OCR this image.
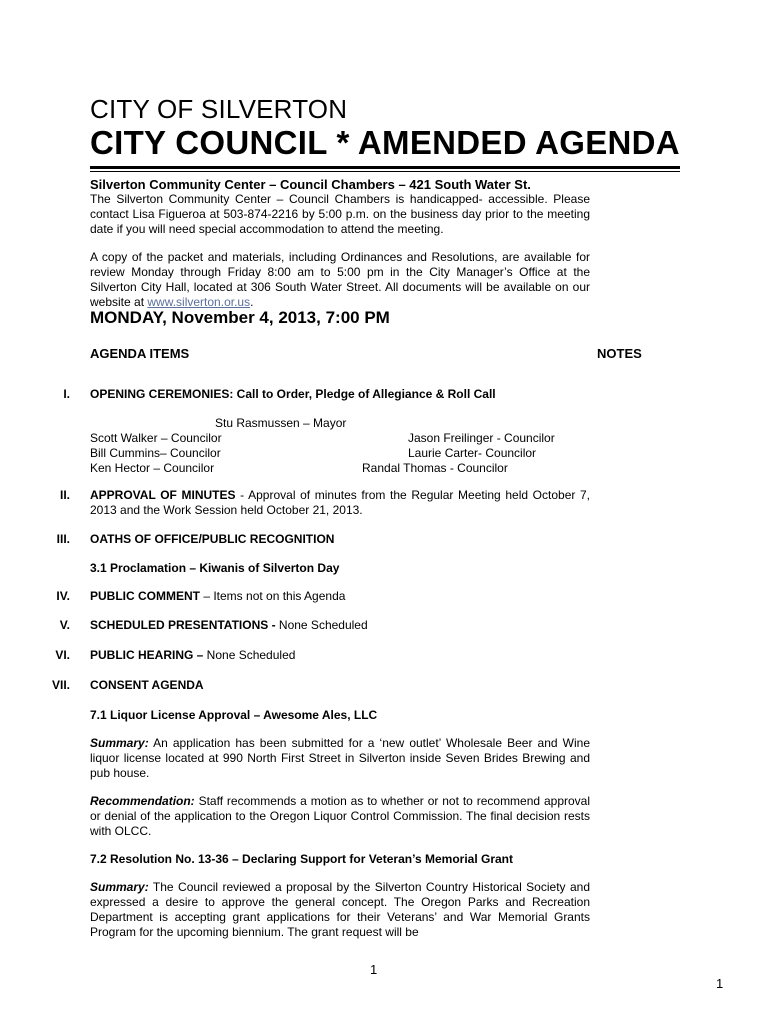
CITY OF SILVERTON
CITY COUNCIL * AMENDED AGENDA
Silverton Community Center – Council Chambers – 421 South Water St.
The Silverton Community Center – Council Chambers is handicapped- accessible. Please contact Lisa Figueroa at 503-874-2216 by 5:00 p.m. on the business day prior to the meeting date if you will need special accommodation to attend the meeting.
A copy of the packet and materials, including Ordinances and Resolutions, are available for review Monday through Friday 8:00 am to 5:00 pm in the City Manager’s Office at the Silverton City Hall, located at 306 South Water Street. All documents will be available on our website at www.silverton.or.us.
MONDAY, November 4, 2013, 7:00 PM
AGENDA ITEMS	NOTES
I. OPENING CEREMONIES: Call to Order, Pledge of Allegiance & Roll Call
Stu Rasmussen – Mayor
Scott Walker – Councilor
Bill Cummins– Councilor
Ken Hector – Councilor
Jason Freilinger - Councilor
Laurie Carter- Councilor
Randal Thomas - Councilor
II. APPROVAL OF MINUTES - Approval of minutes from the Regular Meeting held October 7, 2013 and the Work Session held October 21, 2013.
III. OATHS OF OFFICE/PUBLIC RECOGNITION
3.1 Proclamation – Kiwanis of Silverton Day
IV. PUBLIC COMMENT – Items not on this Agenda
V. SCHEDULED PRESENTATIONS - None Scheduled
VI. PUBLIC HEARING – None Scheduled
VII. CONSENT AGENDA
7.1 Liquor License Approval – Awesome Ales, LLC
Summary: An application has been submitted for a ‘new outlet’ Wholesale Beer and Wine liquor license located at 990 North First Street in Silverton inside Seven Brides Brewing and pub house.
Recommendation: Staff recommends a motion as to whether or not to recommend approval or denial of the application to the Oregon Liquor Control Commission. The final decision rests with OLCC.
7.2 Resolution No. 13-36 – Declaring Support for Veteran’s Memorial Grant
Summary: The Council reviewed a proposal by the Silverton Country Historical Society and expressed a desire to approve the general concept. The Oregon Parks and Recreation Department is accepting grant applications for their Veterans’ and War Memorial Grants Program for the upcoming biennium. The grant request will be
1
1
